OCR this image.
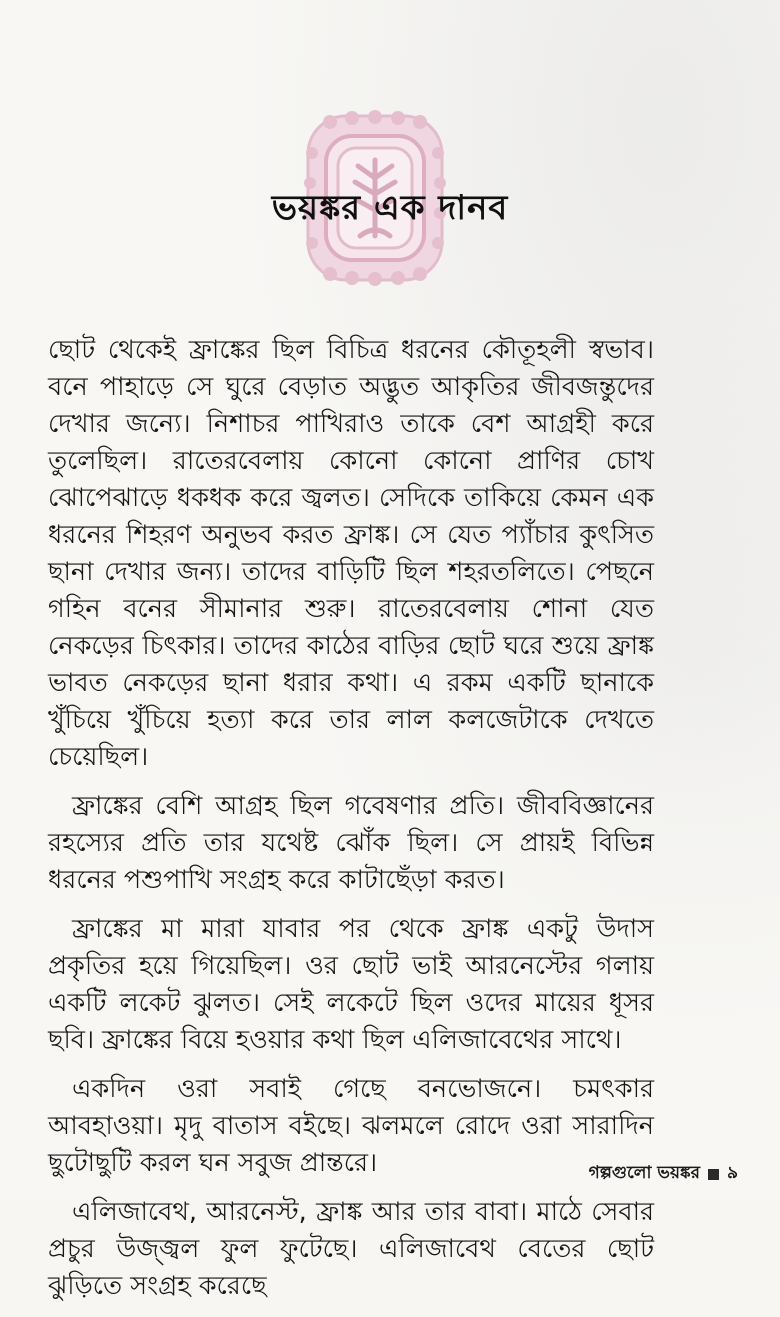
ভয়ঙ্কর এক দানব

ছোট থেকেই ফ্রাঙ্কের ছিল বিচিত্র ধরনের কৌতূহলী স্বভাব। বনে পাহাড়ে সে ঘুরে বেড়াত অদ্ভুত আকৃতির জীবজন্তুদের দেখার জন্যে। নিশাচর পাখিরাও তাকে বেশ আগ্রহী করে তুলেছিল। রাতেরবেলায় কোনো কোনো প্রাণির চোখ ঝোপেঝাড়ে ধকধক করে জ্বলত। সেদিকে তাকিয়ে কেমন এক ধরনের শিহরণ অনুভব করত ফ্রাঙ্ক। সে যেত প্যাঁচার কুৎসিত ছানা দেখার জন্য। তাদের বাড়িটি ছিল শহরতলিতে। পেছনে গহিন বনের সীমানার শুরু। রাতেরবেলায় শোনা যেত নেকড়ের চিৎকার। তাদের কাঠের বাড়ির ছোট ঘরে শুয়ে ফ্রাঙ্ক ভাবত নেকড়ের ছানা ধরার কথা। এ রকম একটি ছানাকে খুঁচিয়ে খুঁচিয়ে হত্যা করে তার লাল কলজেটাকে দেখতে চেয়েছিল।

ফ্রাঙ্কের বেশি আগ্রহ ছিল গবেষণার প্রতি। জীববিজ্ঞানের রহস্যের প্রতি তার যথেষ্ট ঝোঁক ছিল। সে প্রায়ই বিভিন্ন ধরনের পশুপাখি সংগ্রহ করে কাটাছেঁড়া করত।

ফ্রাঙ্কের মা মারা যাবার পর থেকে ফ্রাঙ্ক একটু উদাস প্রকৃতির হয়ে গিয়েছিল। ওর ছোট ভাই আরনেস্টের গলায় একটি লকেট ঝুলত। সেই লকেটে ছিল ওদের মায়ের ধূসর ছবি। ফ্রাঙ্কের বিয়ে হওয়ার কথা ছিল এলিজাবেথের সাথে।

একদিন ওরা সবাই গেছে বনভোজনে। চমৎকার আবহাওয়া। মৃদু বাতাস বইছে। ঝলমলে রোদে ওরা সারাদিন ছুটোছুটি করল ঘন সবুজ প্রান্তরে।

এলিজাবেথ, আরনেস্ট, ফ্রাঙ্ক আর তার বাবা। মাঠে সেবার প্রচুর উজ্জ্বল ফুল ফুটেছে। এলিজাবেথ বেতের ছোট ঝুড়িতে সংগ্রহ করেছে

গল্পগুলো ভয়ঙ্কর ৯
